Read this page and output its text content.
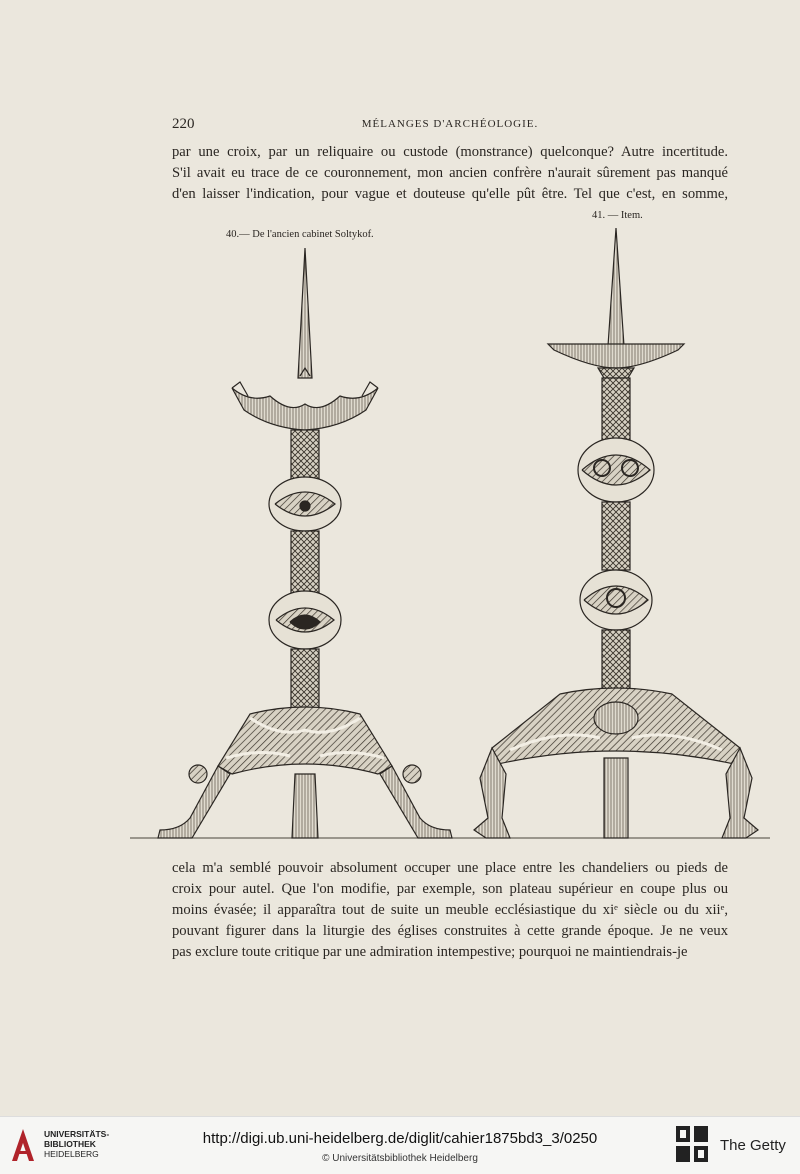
220	MÉLANGES D'ARCHÉOLOGIE.
par une croix, par un reliquaire ou custode (monstrance) quelconque? Autre incertitude.
S'il avait eu trace de ce couronnement, mon ancien confrère n'aurait sûrement pas manqué
d'en laisser l'indication, pour vague et douteuse qu'elle pût être. Tel que c'est, en somme,
41. — Item.
40.— De l'ancien cabinet Soltykof.
cela m'a semblé pouvoir absolument occuper une place entre les chandeliers ou pieds de
croix pour autel. Que l'on modifie, par exemple, son plateau supérieur en coupe plus ou
moins évasée; il apparaîtra tout de suite un meuble ecclésiastique du xiᵉ siècle ou du xiiᵉ,
pouvant figurer dans la liturgie des églises construites à cette grande époque. Je ne veux
pas exclure toute critique par une admiration intempestive; pourquoi ne maintiendrais-je
UNIVERSITÄTS-
BIBLIOTHEK
HEIDELBERG
http://digi.ub.uni-heidelberg.de/diglit/cahier1875bd3_3/0250
© Universitätsbibliothek Heidelberg
The Getty
